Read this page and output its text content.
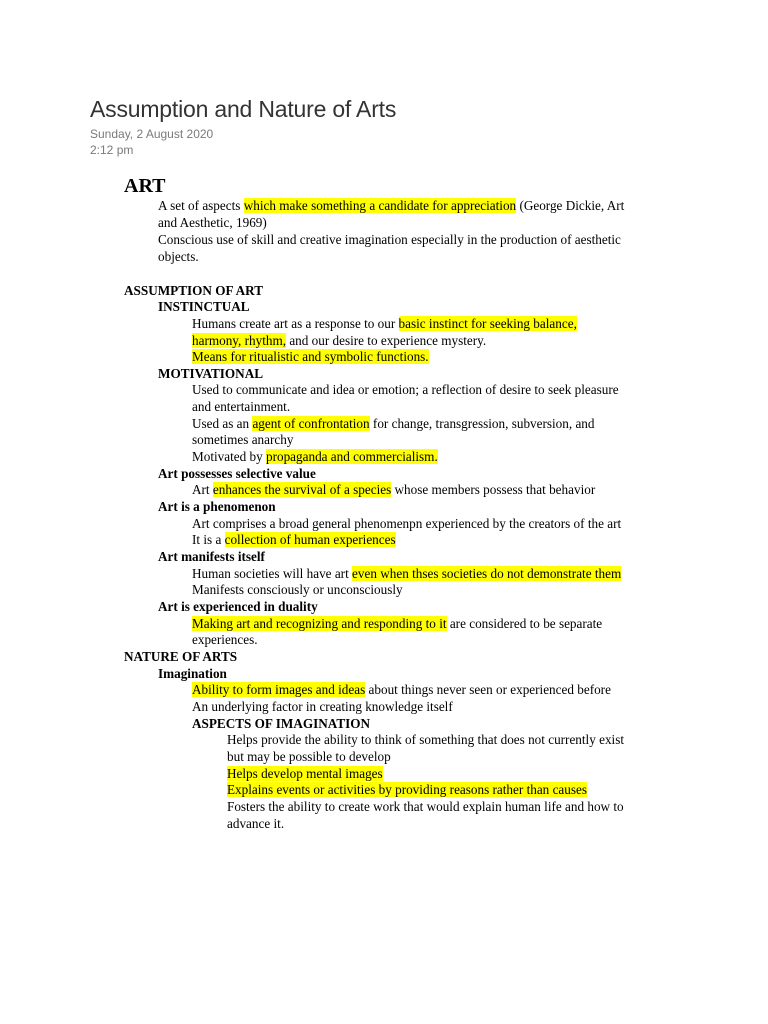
Assumption and Nature of Arts
Sunday, 2 August 2020
2:12 pm
ART
A set of aspects which make something a candidate for appreciation (George Dickie, Art
and Aesthetic, 1969)
Conscious use of skill and creative imagination especially in the production of aesthetic
objects.
ASSUMPTION OF ART
INSTINCTUAL
Humans create art as a response to our basic instinct for seeking balance,
harmony, rhythm, and our desire to experience mystery.
Means for ritualistic and symbolic functions.
MOTIVATIONAL
Used to communicate and idea or emotion; a reflection of desire to seek pleasure
and entertainment.
Used as an agent of confrontation for change, transgression, subversion, and
sometimes anarchy
Motivated by propaganda and commercialism.
Art possesses selective value
Art enhances the survival of a species whose members possess that behavior
Art is a phenomenon
Art comprises a broad general phenomenpn experienced by the creators of the art
It is a collection of human experiences
Art manifests itself
Human societies will have art even when thses societies do not demonstrate them
Manifests consciously or unconsciously
Art is experienced in duality
Making art and recognizing and responding to it are considered to be separate
experiences.
NATURE OF ARTS
Imagination
Ability to form images and ideas about things never seen or experienced before
An underlying factor in creating knowledge itself
ASPECTS OF IMAGINATION
Helps provide the ability to think of something that does not currently exist
but may be possible to develop
Helps develop mental images
Explains events or activities by providing reasons rather than causes
Fosters the ability to create work that would explain human life and how to
advance it.
